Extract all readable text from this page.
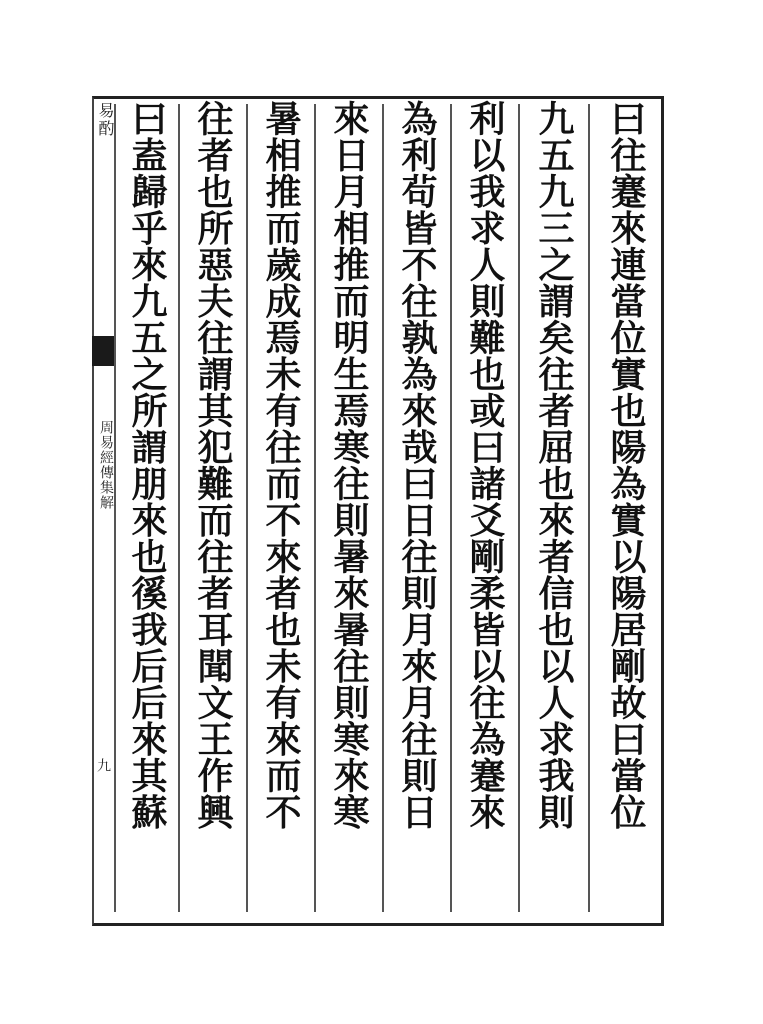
易酌
周易經傳集解
九	曰往蹇來連當位實也陽為實以陽居剛故曰當位
九五九三之謂矣往者屈也來者信也以人求我則
利以我求人則難也或曰諸爻剛柔皆以往為蹇來
為利茍皆不往孰為來哉曰日往則月來月往則日
來日月相推而明生焉寒往則暑來暑往則寒來寒
暑相推而歲成焉未有往而不來者也未有來而不
往者也所惡夫往謂其犯難而往者耳聞文王作興
曰盍歸乎來九五之所謂朋來也徯我后后來其蘇
